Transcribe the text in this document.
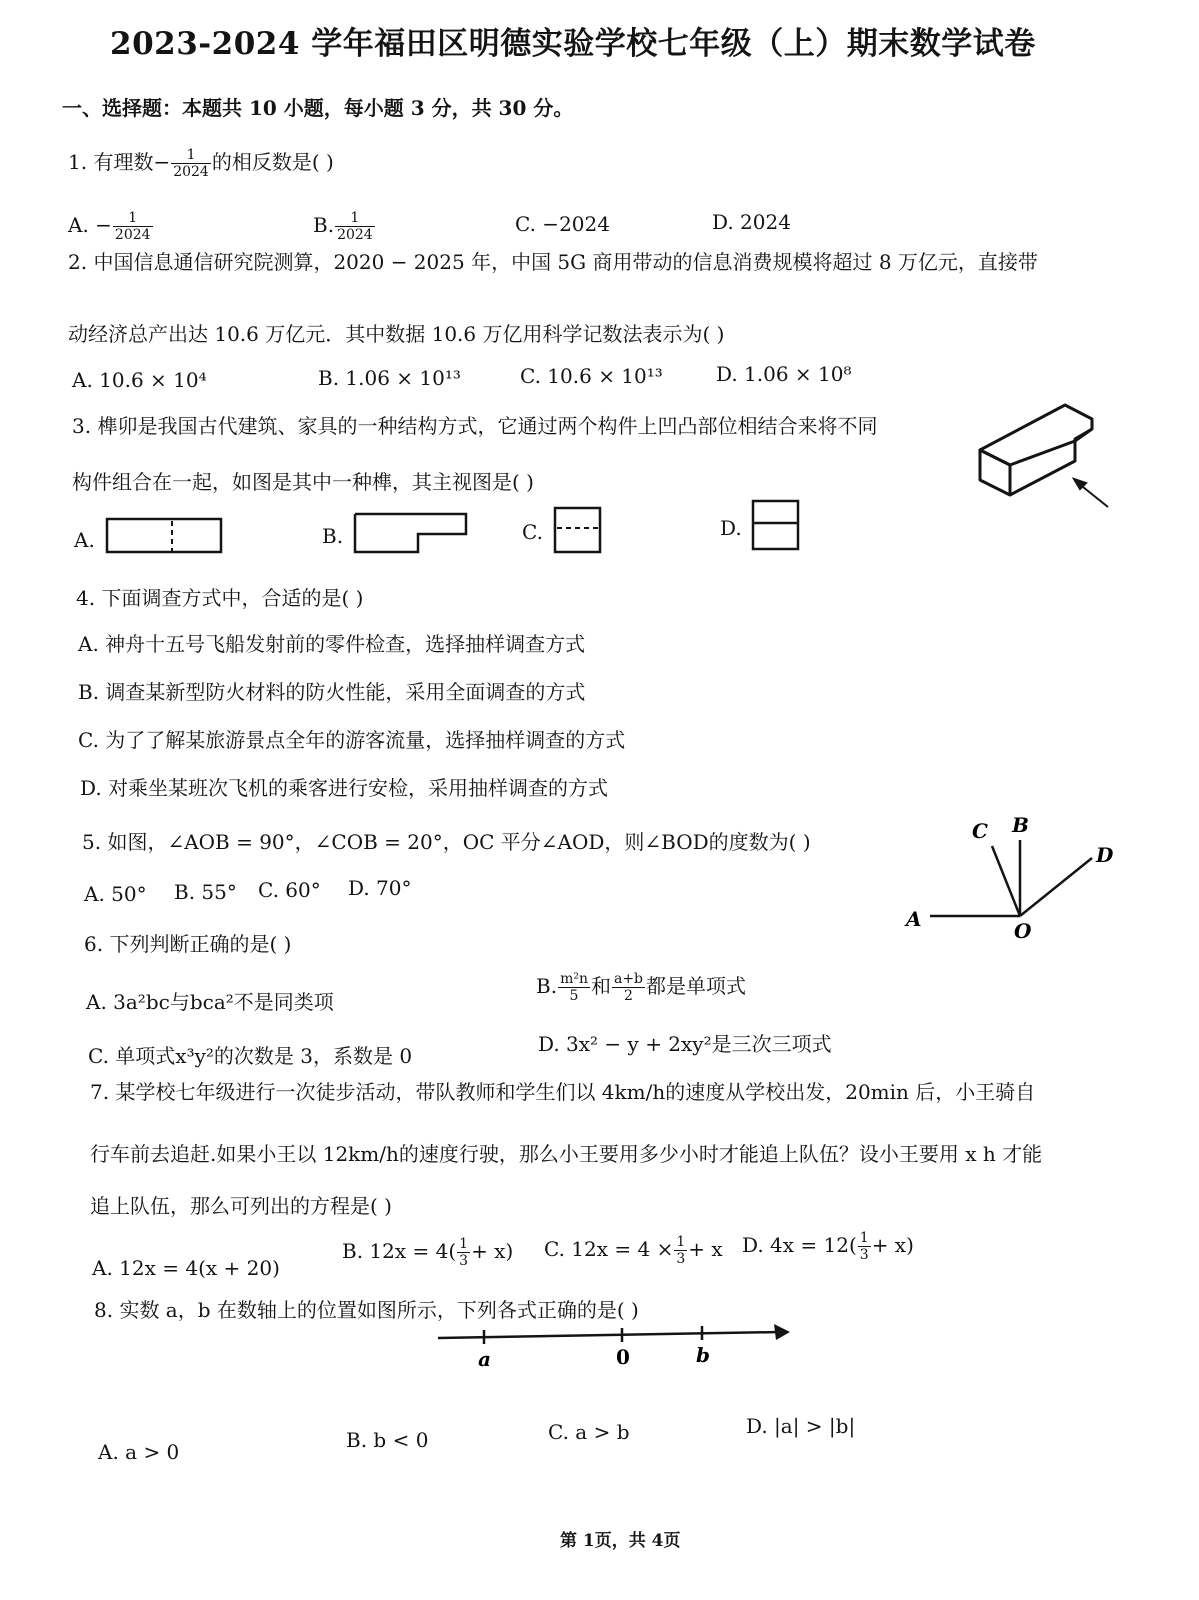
2023-2024 学年福田区明德实验学校七年级（上）期末数学试卷
一、选择题：本题共 10 小题，每小题 3 分，共 30 分。
1. 有理数− $\frac{1}{2024}$ 的相反数是( )
A. − $\frac{1}{2024}$	B. $\frac{1}{2024}$	C. −2024	D. 2024
2. 中国信息通信研究院测算，2020 − 2025 年，中国 5G 商用带动的信息消费规模将超过 8 万亿元，直接带
动经济总产出达 10.6 万亿元．其中数据 10.6 万亿用科学记数法表示为( )
A. 10.6 × 10⁴	B. 1.06 × 10¹³	C. 10.6 × 10¹³	D. 1.06 × 10⁸
3. 榫卯是我国古代建筑、家具的一种结构方式，它通过两个构件上凹凸部位相结合来将不同
构件组合在一起，如图是其中一种榫，其主视图是( )
A.	B.	C.	D.
4. 下面调查方式中，合适的是( )
A. 神舟十五号飞船发射前的零件检查，选择抽样调查方式
B. 调查某新型防火材料的防火性能，采用全面调查的方式
C. 为了了解某旅游景点全年的游客流量，选择抽样调查的方式
D. 对乘坐某班次飞机的乘客进行安检，采用抽样调查的方式
5. 如图，∠AOB = 90°，∠COB = 20°，OC 平分∠AOD，则∠BOD的度数为( )
A. 50° B. 55° C. 60° D. 70°
A
B
C
D
O
6. 下列判断正确的是( )
A. 3a²bc与bca²不是同类项
B. $\frac{\text{m²n}}{5}$ 和 $\frac{a+b}{2}$ 都是单项式
C. 单项式x³y²的次数是 3，系数是 0	D. 3x² − y + 2xy²是三次三项式
7. 某学校七年级进行一次徒步活动，带队教师和学生们以 4km/h的速度从学校出发，20min 后，小王骑自
行车前去追赶.如果小王以 12km/h的速度行驶，那么小王要用多少小时才能追上队伍？设小王要用 x h 才能
追上队伍，那么可列出的方程是( )
A. 12x = 4(x + 20)
B. $12x = 4( \frac{1}{3} + x)$ C. $12x = 4 \times \frac{1}{3} + x$ D. $4x = 12( \frac{1}{3} + x)$
8. 实数 a，b 在数轴上的位置如图所示，下列各式正确的是( )
a	0	b
A. a > 0	B. b < 0	C. a > b	D. |a| > |b|
第 1页，共 4页
